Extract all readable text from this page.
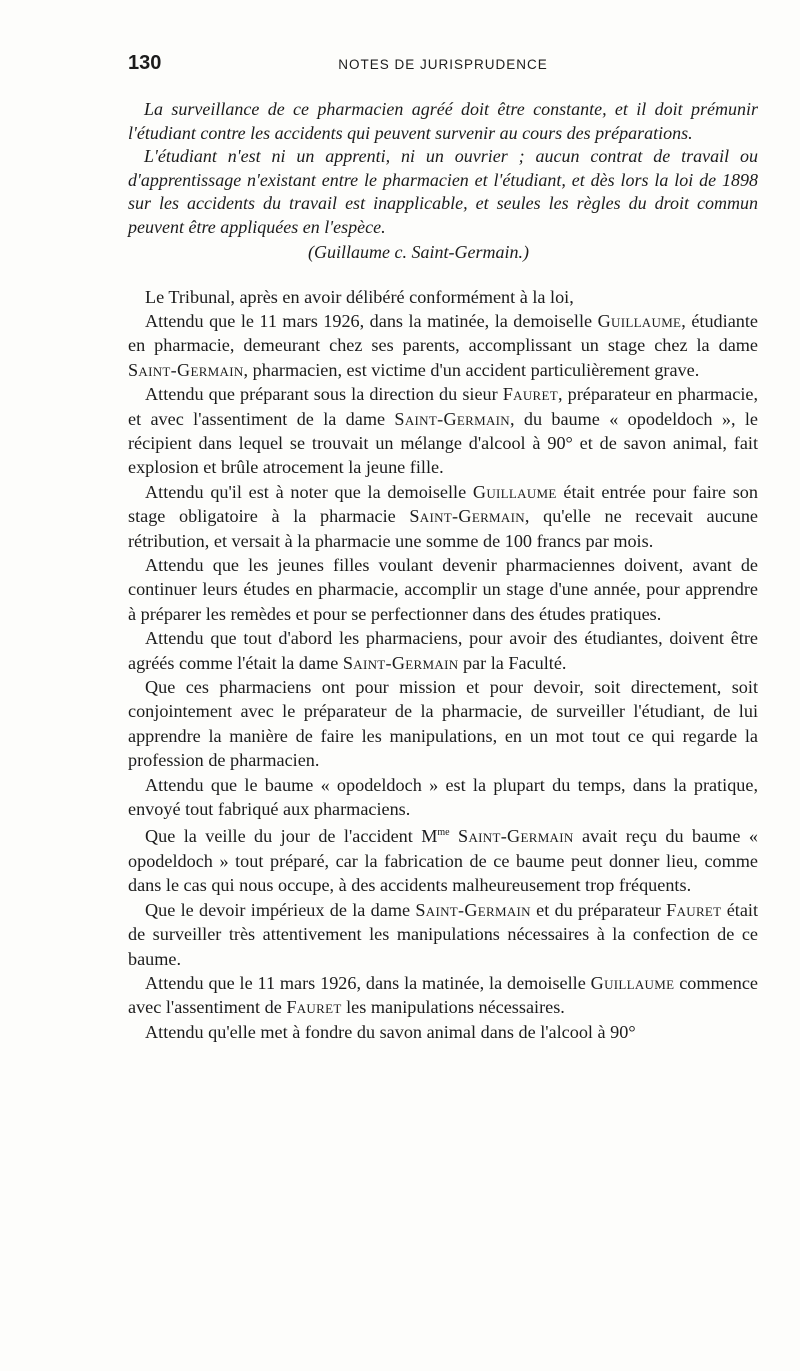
130	NOTES DE JURISPRUDENCE

La surveillance de ce pharmacien agréé doit être constante, et il doit prémunir l'étudiant contre les accidents qui peuvent survenir au cours des préparations.

L'étudiant n'est ni un apprenti, ni un ouvrier ; aucun contrat de travail ou d'apprentissage n'existant entre le pharmacien et l'étudiant, et dès lors la loi de 1898 sur les accidents du travail est inapplicable, et seules les règles du droit commun peuvent être appliquées en l'espèce.

(Guillaume c. Saint-Germain.)

Le Tribunal, après en avoir délibéré conformément à la loi,

Attendu que le 11 mars 1926, dans la matinée, la demoiselle Guillaume, étudiante en pharmacie, demeurant chez ses parents, accomplissant un stage chez la dame Saint-Germain, pharmacien, est victime d'un accident particulièrement grave.

Attendu que préparant sous la direction du sieur Fauret, préparateur en pharmacie, et avec l'assentiment de la dame Saint-Germain, du baume « opodeldoch », le récipient dans lequel se trouvait un mélange d'alcool à 90° et de savon animal, fait explosion et brûle atrocement la jeune fille.

Attendu qu'il est à noter que la demoiselle Guillaume était entrée pour faire son stage obligatoire à la pharmacie Saint-Germain, qu'elle ne recevait aucune rétribution, et versait à la pharmacie une somme de 100 francs par mois.

Attendu que les jeunes filles voulant devenir pharmaciennes doivent, avant de continuer leurs études en pharmacie, accomplir un stage d'une année, pour apprendre à préparer les remèdes et pour se perfectionner dans des études pratiques.

Attendu que tout d'abord les pharmaciens, pour avoir des étudiantes, doivent être agréés comme l'était la dame Saint-Germain par la Faculté.

Que ces pharmaciens ont pour mission et pour devoir, soit directement, soit conjointement avec le préparateur de la pharmacie, de surveiller l'étudiant, de lui apprendre la manière de faire les manipulations, en un mot tout ce qui regarde la profession de pharmacien.

Attendu que le baume « opodeldoch » est la plupart du temps, dans la pratique, envoyé tout fabriqué aux pharmaciens.

Que la veille du jour de l'accident $M^{me}$ Saint-Germain avait reçu du baume « opodeldoch » tout préparé, car la fabrication de ce baume peut donner lieu, comme dans le cas qui nous occupe, à des accidents malheureusement trop fréquents.

Que le devoir impérieux de la dame Saint-Germain et du préparateur Fauret était de surveiller très attentivement les manipulations nécessaires à la confection de ce baume.

Attendu que le 11 mars 1926, dans la matinée, la demoiselle Guillaume commence avec l'assentiment de Fauret les manipulations nécessaires.

Attendu qu'elle met à fondre du savon animal dans de l'alcool à 90°
